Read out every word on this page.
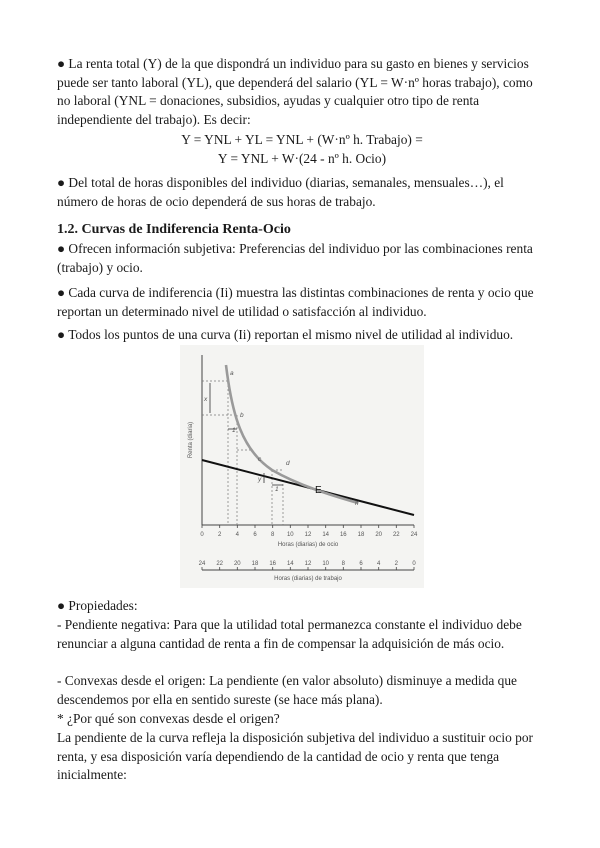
● La renta total (Y) de la que dispondrá un individuo para su gasto en bienes y servicios puede ser tanto laboral (YL), que dependerá del salario (YL = W·nº horas trabajo), como no laboral (YNL = donaciones, subsidios, ayudas y cualquier otro tipo de renta independiente del trabajo). Es decir:

Y = YNL + YL = YNL + (W·nº h. Trabajo) =

Y = YNL + W·(24 - nº h. Ocio)

● Del total de horas disponibles del individuo (diarias, semanales, mensuales…), el número de horas de ocio dependerá de sus horas de trabajo.

1.2. Curvas de Indiferencia Renta-Ocio

● Ofrecen información subjetiva: Preferencias del individuo por las combinaciones renta (trabajo) y ocio.

● Cada curva de indiferencia (Ii) muestra las distintas combinaciones de renta y ocio que reportan un determinado nivel de utilidad o satisfacción al individuo.

● Todos los puntos de una curva (Ii) reportan el mismo nivel de utilidad al individuo.

0 2 4 6 8 10 12 14 16 18 20 22 24
Horas (diarias) de ocio
24 22 20 18 16 14 12 10 8 6 4 2 0
Horas (diarias) de trabajo
Renta (diaria)
a
b
c
d
h
1
1
y
x
E

● Propiedades:

- Pendiente negativa: Para que la utilidad total permanezca constante el individuo debe renunciar a alguna cantidad de renta a fin de compensar la adquisición de más ocio.

- Convexas desde el origen: La pendiente (en valor absoluto) disminuye a medida que descendemos por ella en sentido sureste (se hace más plana).

* ¿Por qué son convexas desde el origen?

La pendiente de la curva refleja la disposición subjetiva del individuo a sustituir ocio por renta, y esa disposición varía dependiendo de la cantidad de ocio y renta que tenga inicialmente:
